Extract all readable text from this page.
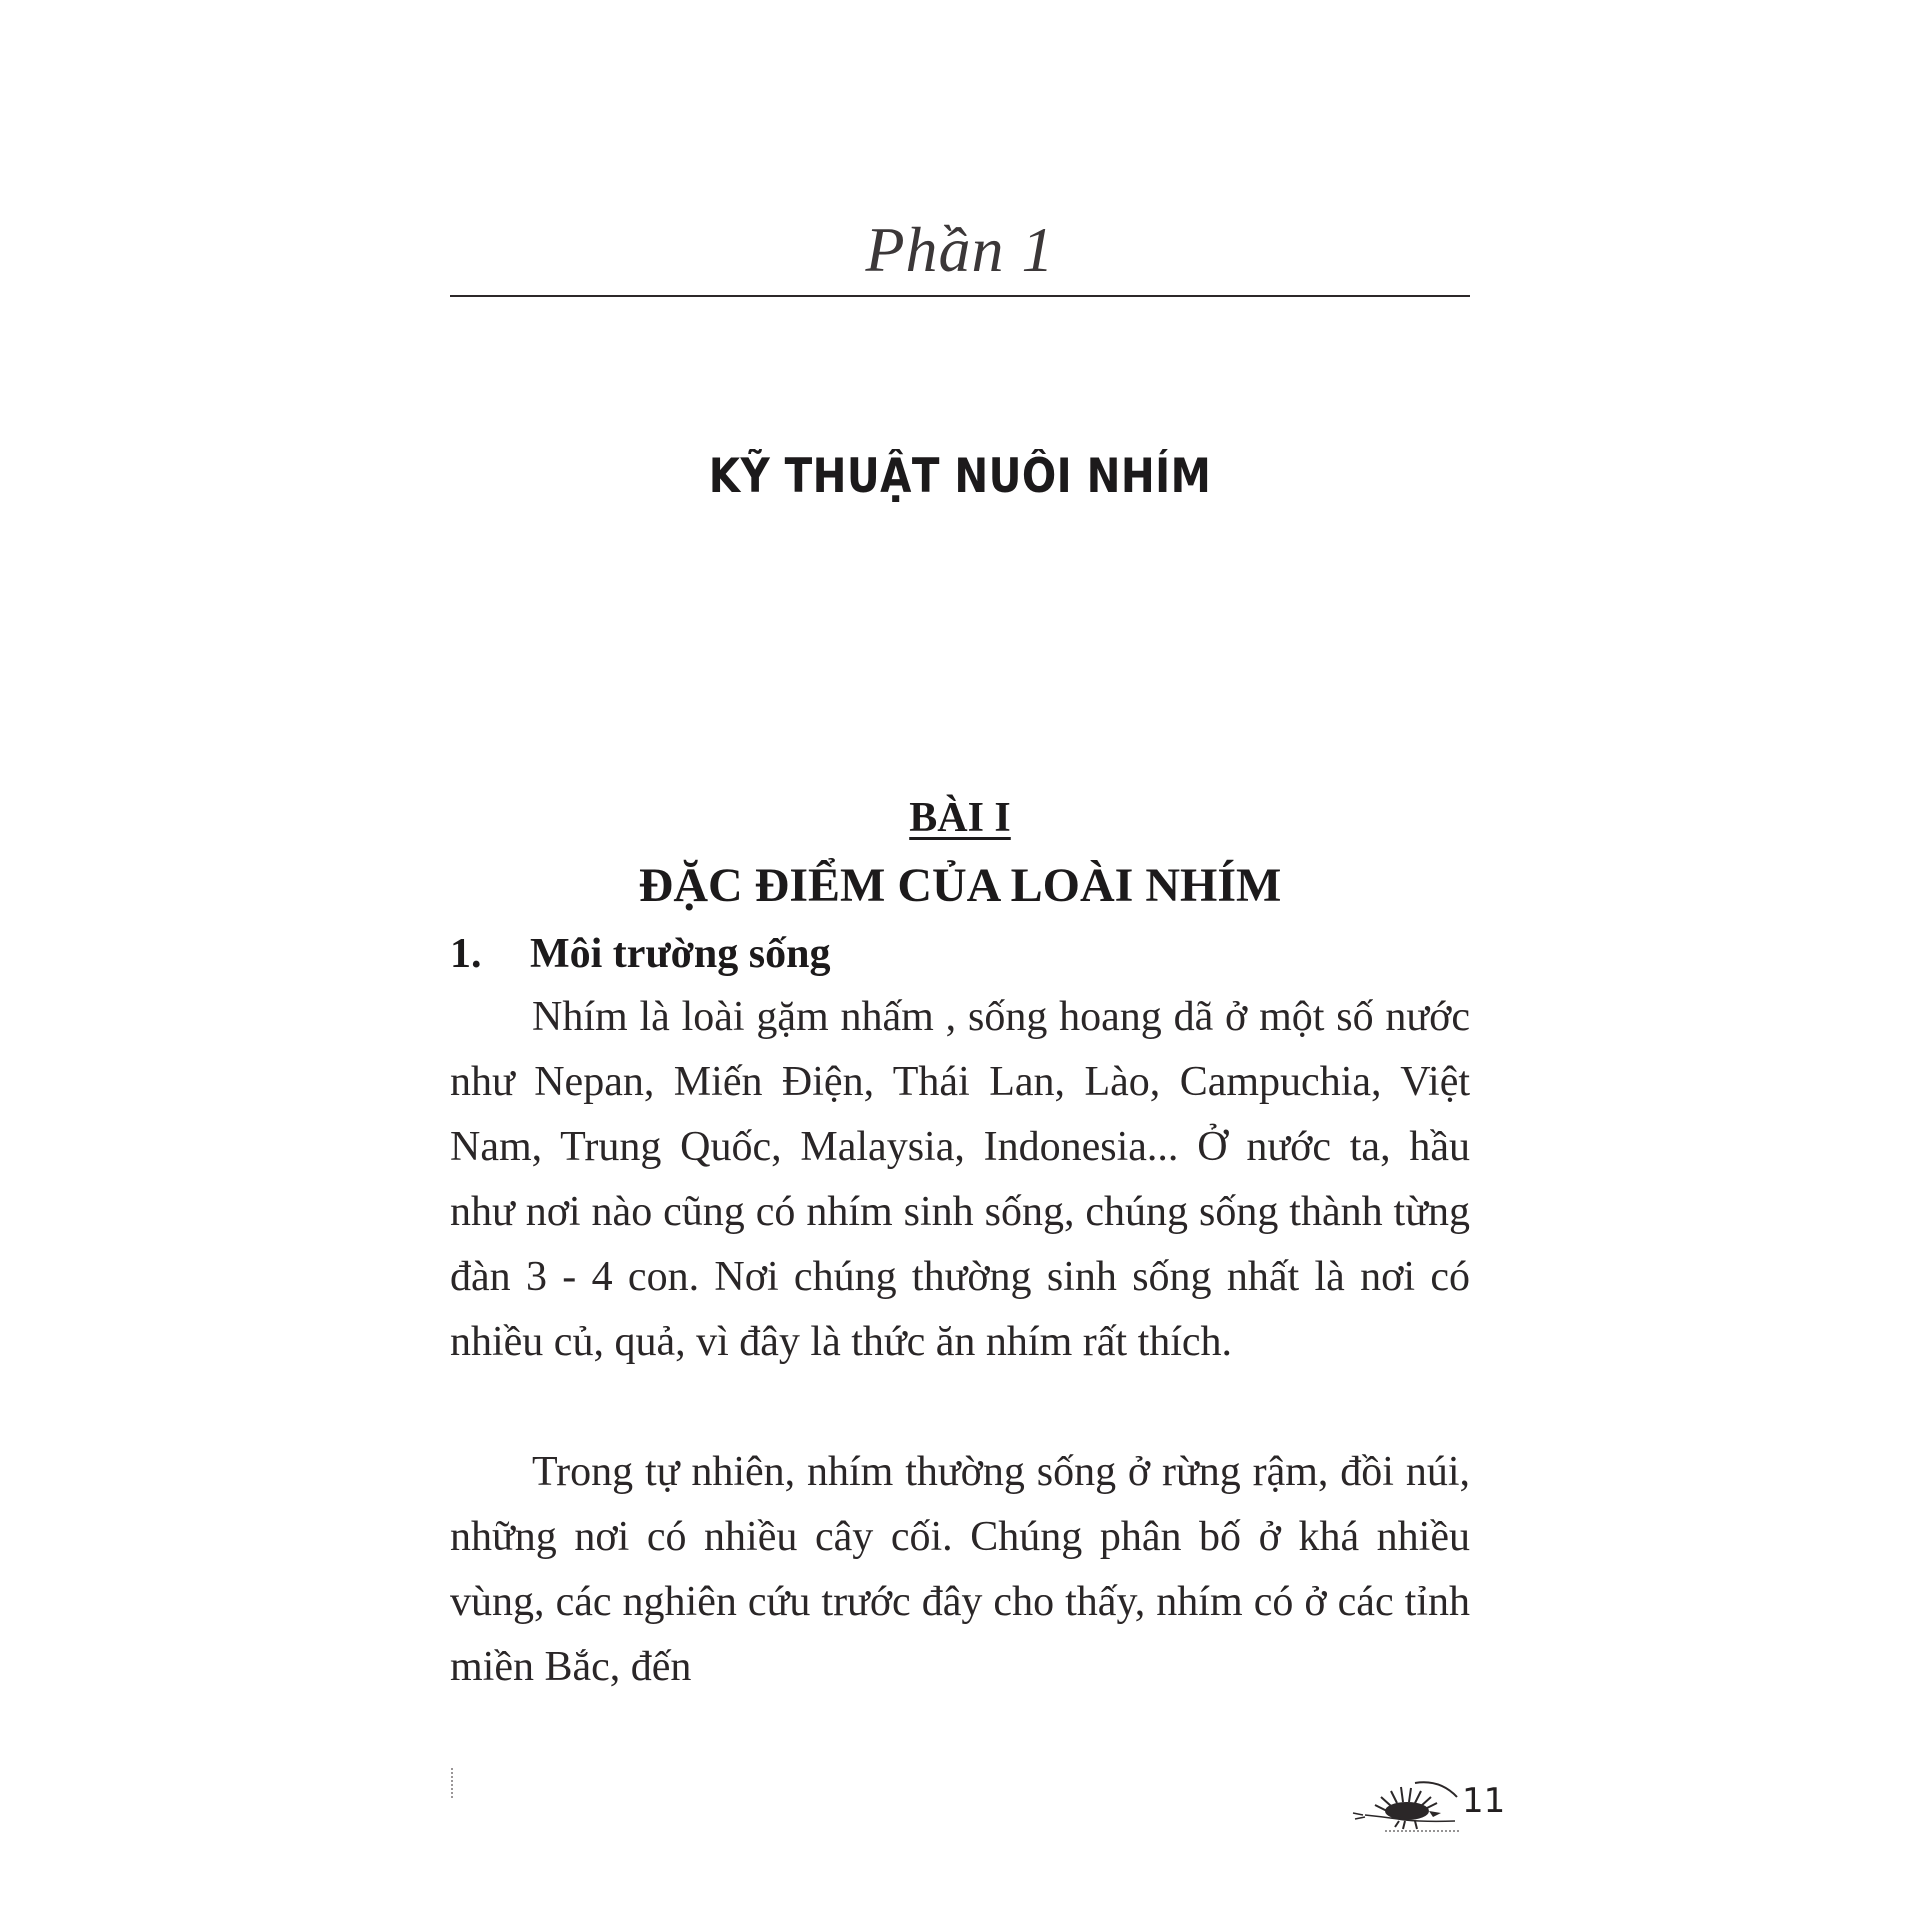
Phần 1
KỸ THUẬT NUÔI NHÍM
BÀI I
ĐẶC ĐIỂM CỦA LOÀI NHÍM
1. Môi trường sống

Nhím là loài gặm nhấm , sống hoang dã ở một số nước như Nepan, Miến Điện, Thái Lan, Lào, Campuchia, Việt Nam, Trung Quốc, Malaysia, Indonesia... Ở nước ta, hầu như nơi nào cũng có nhím sinh sống, chúng sống thành từng đàn 3 - 4 con. Nơi chúng thường sinh sống nhất là nơi có nhiều củ, quả, vì đây là thức ăn nhím rất thích.

Trong tự nhiên, nhím thường sống ở rừng rậm, đồi núi, những nơi có nhiều cây cối. Chúng phân bố ở khá nhiều vùng, các nghiên cứu trước đây cho thấy, nhím có ở các tỉnh miền Bắc, đến

11
